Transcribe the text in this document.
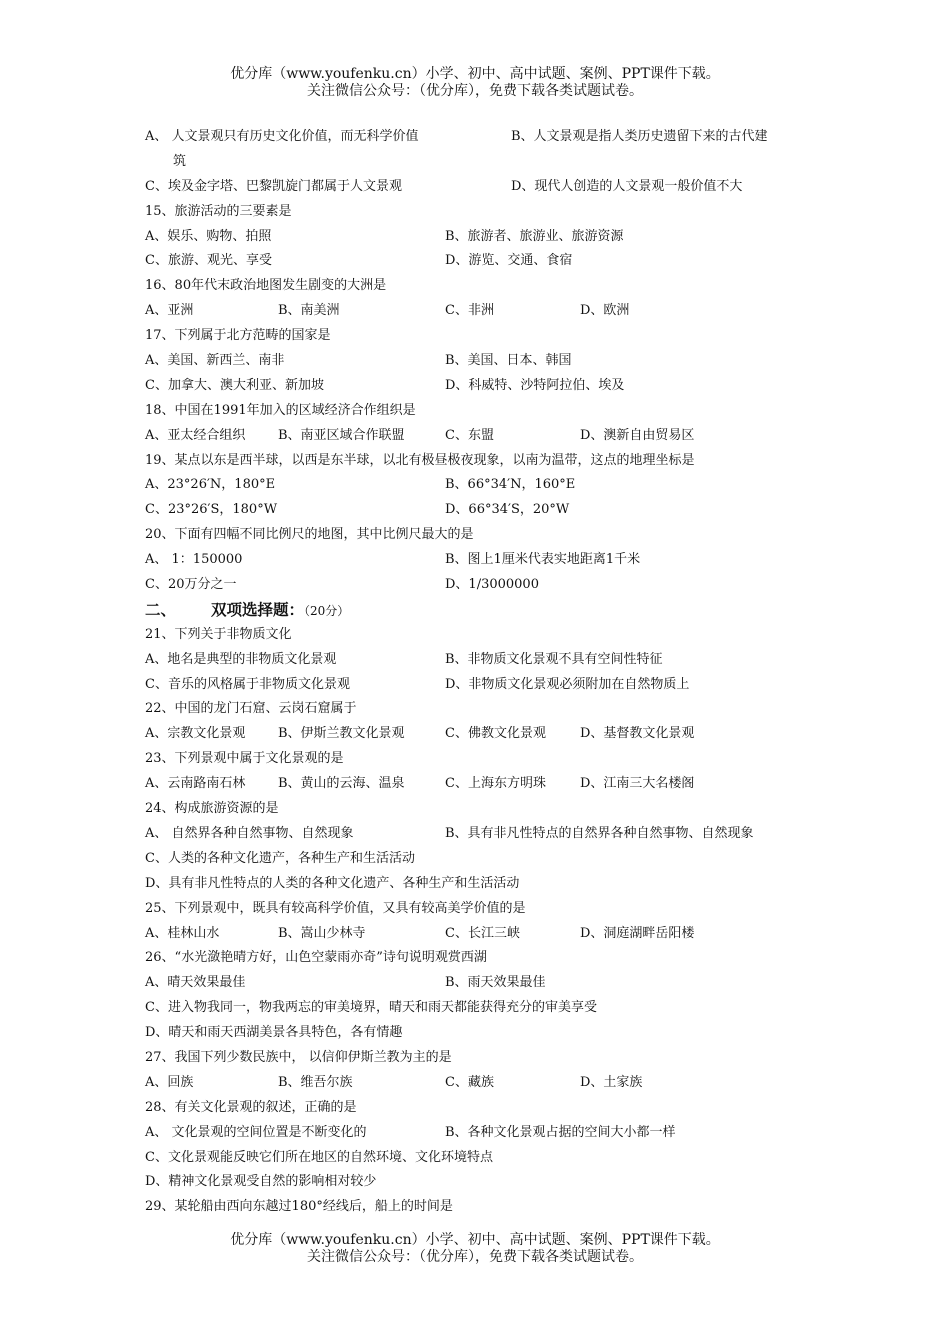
优分库（www.youfenku.cn）小学、初中、高中试题、案例、PPT课件下载。
关注微信公众号：（优分库），免费下载各类试题试卷。
A、 人文景观只有历史文化价值，而无科学价值	B、人文景观是指人类历史遗留下来的古代建
筑
C、埃及金字塔、巴黎凯旋门都属于人文景观	D、现代人创造的人文景观一般价值不大
15、旅游活动的三要素是
A、娱乐、购物、拍照	B、旅游者、旅游业、旅游资源
C、旅游、观光、享受	D、游览、交通、食宿
16、80年代末政治地图发生剧变的大洲是
A、亚洲	B、南美洲	C、非洲	D、欧洲
17、下列属于北方范畴的国家是
A、美国、新西兰、南非	B、美国、日本、韩国
C、加拿大、澳大利亚、新加坡	D、科威特、沙特阿拉伯、埃及
18、中国在1991年加入的区域经济合作组织是
A、亚太经合组织	B、南亚区域合作联盟	C、东盟	D、澳新自由贸易区
19、某点以东是西半球，以西是东半球，以北有极昼极夜现象，以南为温带，这点的地理坐标是
A、23°26′N，180°E	B、66°34′N，160°E
C、23°26′S，180°W	D、66°34′S，20°W
20、下面有四幅不同比例尺的地图，其中比例尺最大的是
A、 1：150000	B、图上1厘米代表实地距离1千米
C、20万分之一	D、1/3000000
二、 双项选择题：（20分）
21、下列关于非物质文化
A、地名是典型的非物质文化景观	B、非物质文化景观不具有空间性特征
C、音乐的风格属于非物质文化景观	D、非物质文化景观必须附加在自然物质上
22、中国的龙门石窟、云岗石窟属于
A、宗教文化景观	B、伊斯兰教文化景观	C、佛教文化景观	D、基督教文化景观
23、下列景观中属于文化景观的是
A、云南路南石林	B、黄山的云海、温泉	C、上海东方明珠	D、江南三大名楼阁
24、构成旅游资源的是
A、 自然界各种自然事物、自然现象	B、具有非凡性特点的自然界各种自然事物、自然现象
C、人类的各种文化遗产，各种生产和生活活动
D、具有非凡性特点的人类的各种文化遗产、各种生产和生活活动
25、下列景观中，既具有较高科学价值，又具有较高美学价值的是
A、桂林山水	B、嵩山少林寺	C、长江三峡	D、洞庭湖畔岳阳楼
26、“水光潋艳晴方好，山色空蒙雨亦奇”诗句说明观赏西湖
A、晴天效果最佳	B、雨天效果最佳
C、进入物我同一，物我两忘的审美境界，晴天和雨天都能获得充分的审美享受
D、晴天和雨天西湖美景各具特色，各有情趣
27、我国下列少数民族中， 以信仰伊斯兰教为主的是
A、回族	B、维吾尔族	C、藏族	D、土家族
28、有关文化景观的叙述，正确的是
A、 文化景观的空间位置是不断变化的	B、各种文化景观占据的空间大小都一样
C、文化景观能反映它们所在地区的自然环境、文化环境特点
D、精神文化景观受自然的影响相对较少
29、某轮船由西向东越过180°经线后，船上的时间是
优分库（www.youfenku.cn）小学、初中、高中试题、案例、PPT课件下载。
关注微信公众号：（优分库），免费下载各类试题试卷。
